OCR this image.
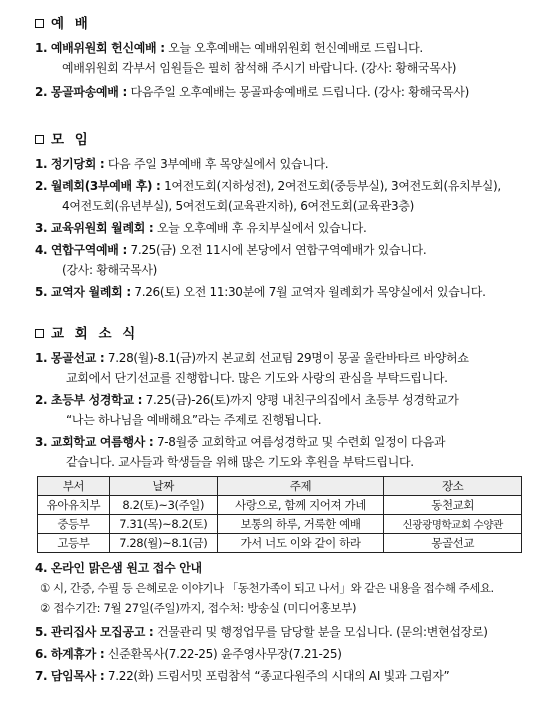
예 배
1. 예배위원회 헌신예배 : 오늘 오후예배는 예배위원회 헌신예배로 드립니다.
예배위원회 각부서 임원들은 필히 참석해 주시기 바랍니다. (강사: 황해국목사)
2. 몽골파송예배 : 다음주일 오후예배는 몽골파송예배로 드립니다. (강사: 황해국목사)
모 임
1. 정기당회 : 다음 주일 3부예배 후 목양실에서 있습니다.
2. 월례회(3부예배 후) : 1여전도회(지하성전), 2여전도회(중등부실), 3여전도회(유치부실),
4여전도회(유년부실), 5여전도회(교육관지하), 6여전도회(교육관3층)
3. 교육위원회 월례회 : 오늘 오후예배 후 유치부실에서 있습니다.
4. 연합구역예배 : 7.25(금) 오전 11시에 본당에서 연합구역예배가 있습니다.
(강사: 황해국목사)
5. 교역자 월례회 : 7.26(토) 오전 11:30분에 7월 교역자 월례회가 목양실에서 있습니다.
교 회 소 식
1. 몽골선교 : 7.28(월)-8.1(금)까지 본교회 선교팀 29명이 몽골 울란바타르 바양허쇼
교회에서 단기선교를 진행합니다. 많은 기도와 사랑의 관심을 부탁드립니다.
2. 초등부 성경학교 : 7.25(금)-26(토)까지 양평 내친구의집에서 초등부 성경학교가
“나는 하나님을 예배해요”라는 주제로 진행됩니다.
3. 교회학교 여름행사 : 7-8월중 교회학교 여름성경학교 및 수련회 일정이 다음과
같습니다. 교사들과 학생들을 위해 많은 기도와 후원을 부탁드립니다.
부서	날짜	주제	장소
유아유치부	8.2(토)~3(주일)	사랑으로, 함께 지어져 가네	동천교회
중등부	7.31(목)~8.2(토)	보통의 하루, 거룩한 예배	신광광명학교회 수양관
고등부	7.28(월)~8.1(금)	가서 너도 이와 같이 하라	몽골선교
4. 온라인 맑은샘 원고 접수 안내
① 시, 간증, 수필 등 은혜로운 이야기나 「동천가족이 되고 나서」와 같은 내용을 접수해 주세요.
② 접수기간: 7월 27일(주일)까지, 접수처: 방송실 (미디어홍보부)
5. 관리집사 모집공고 : 건물관리 및 행정업무를 담당할 분을 모십니다. (문의:변현섭장로)
6. 하계휴가 : 신준환목사(7.22-25) 윤주영사무장(7.21-25)
7. 담임목사 : 7.22(화) 드림서밋 포럼참석 “종교다원주의 시대의 AI 빛과 그림자”
